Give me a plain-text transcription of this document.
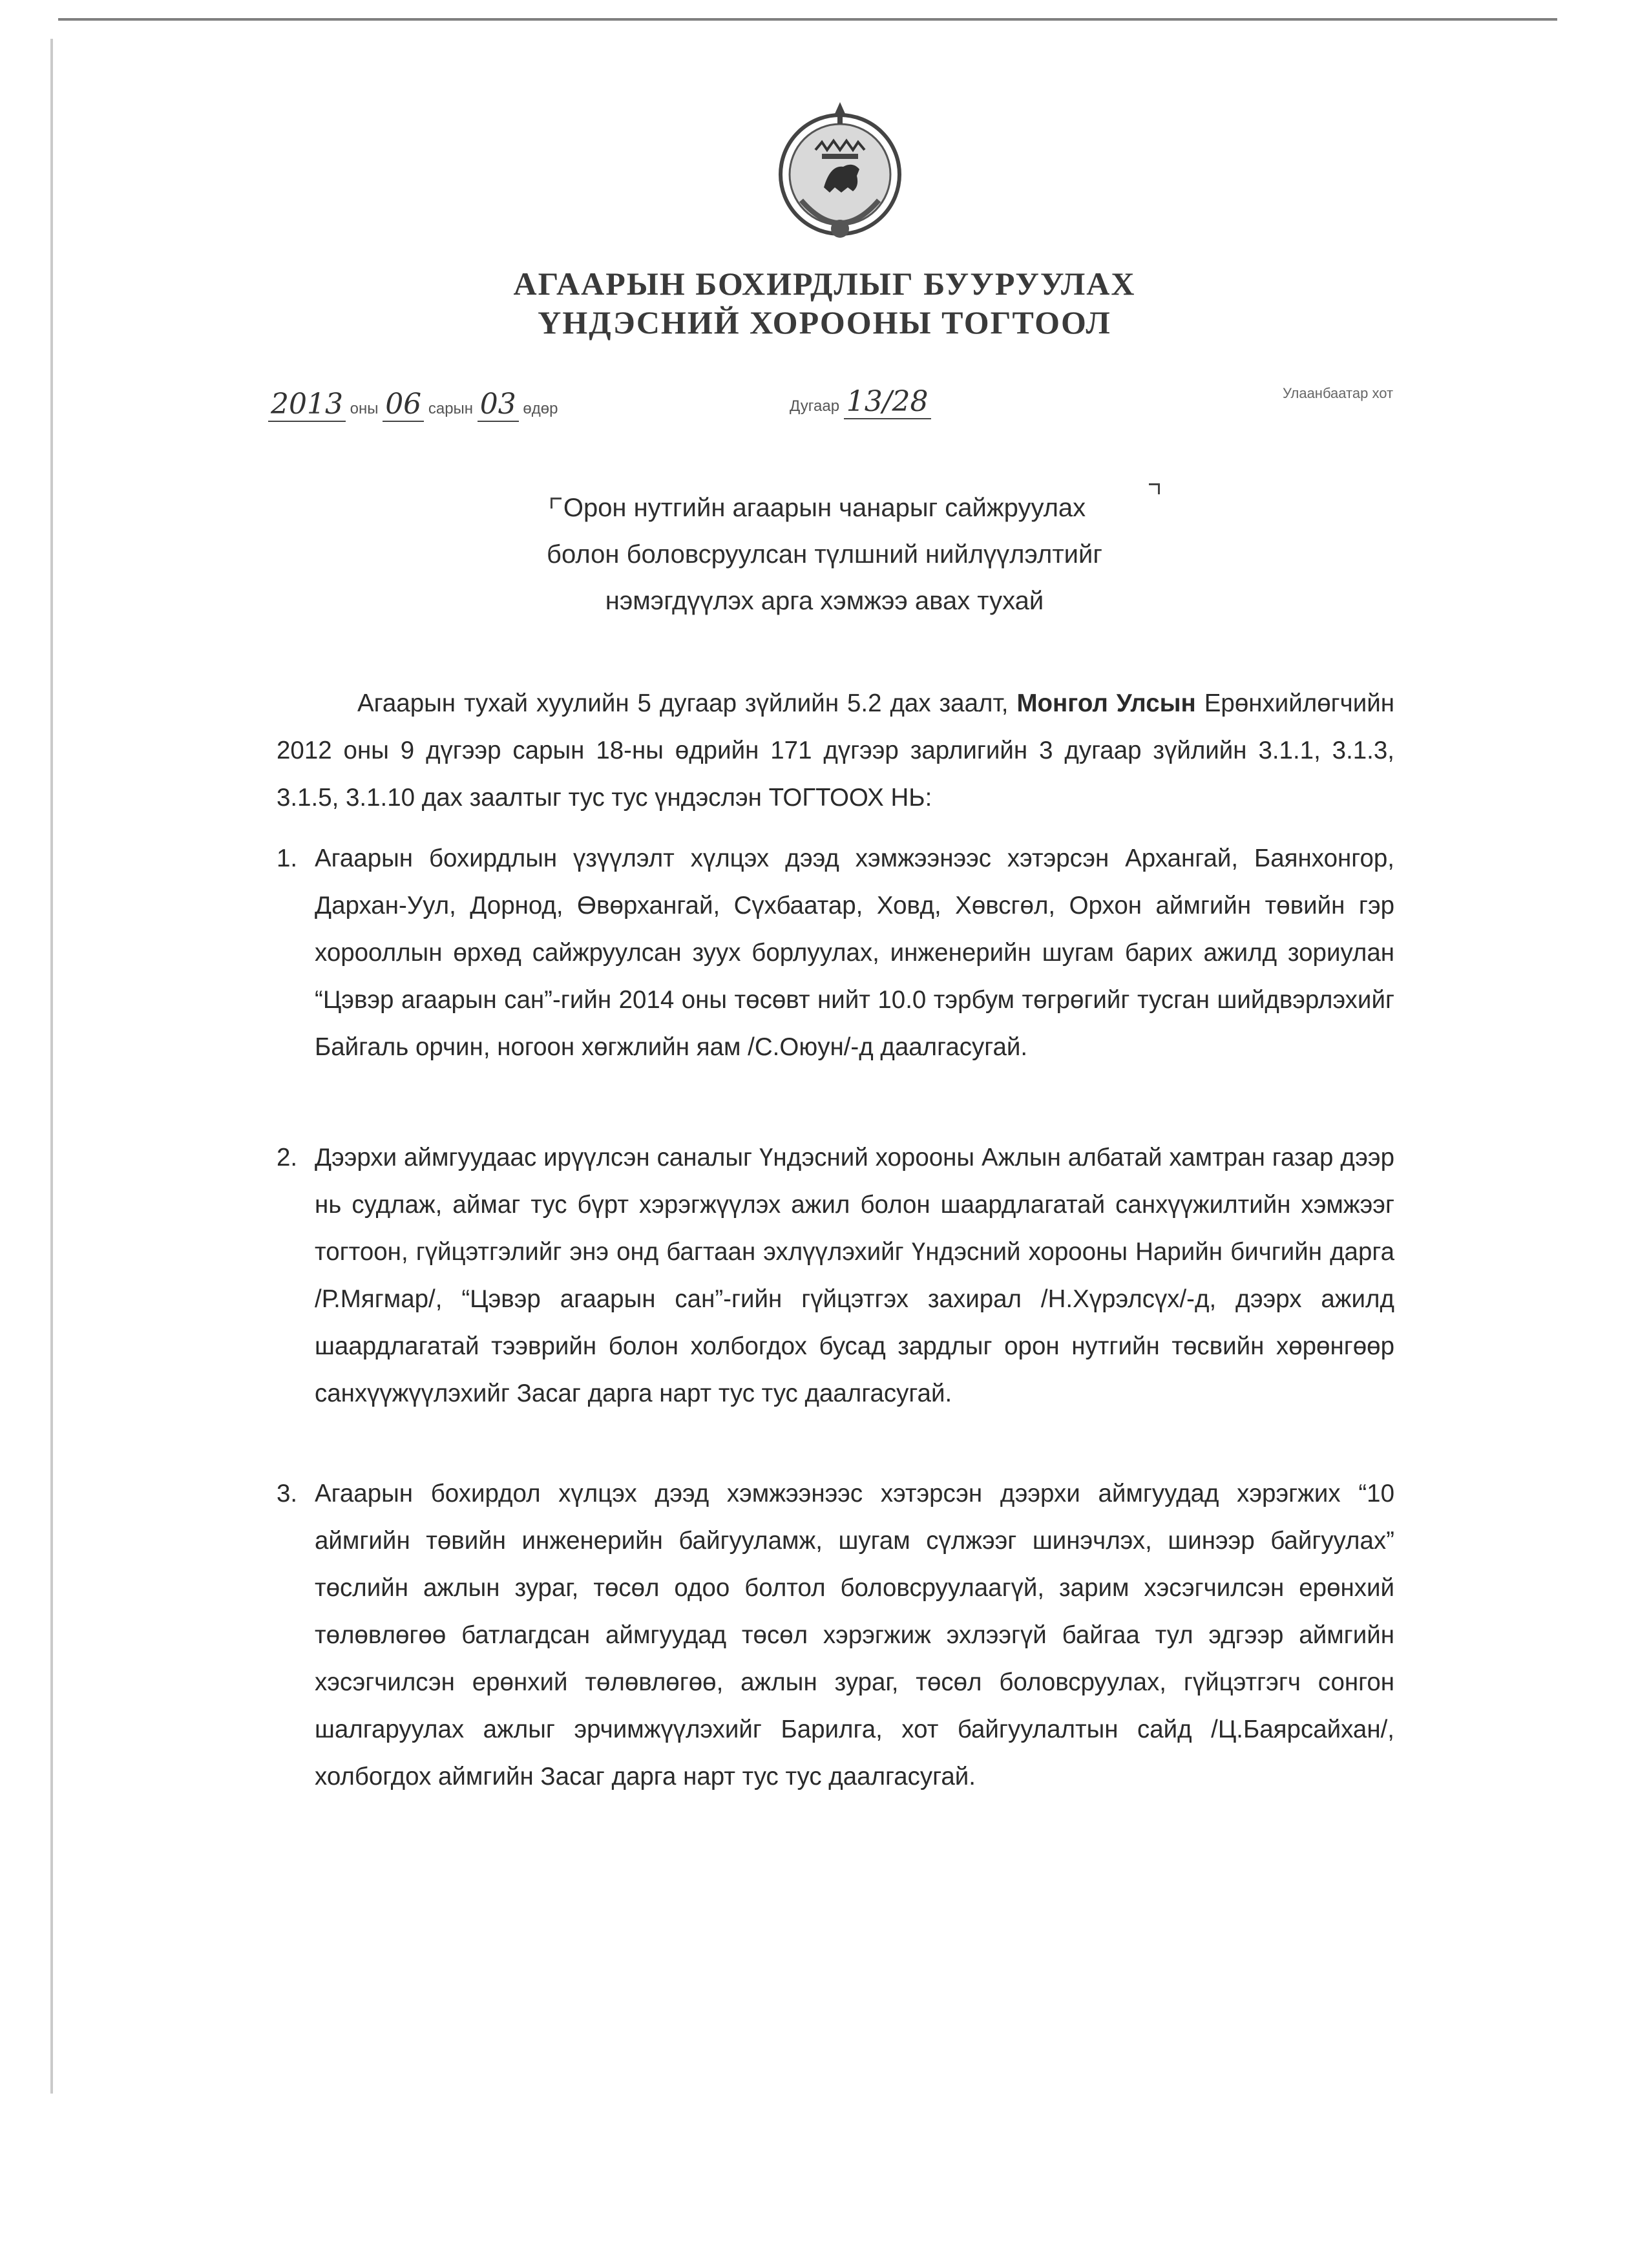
АГААРЫН БОХИРДЛЫГ БУУРУУЛАХ
ҮНДЭСНИЙ ХОРООНЫ ТОГТООЛ
2013 оны 06 сарын 03 өдөр	Дугаар 13/28	Улаанбаатар хот
Орон нутгийн агаарын чанарыг сайжруулах
болон боловсруулсан түлшний нийлүүлэлтийг
нэмэгдүүлэх арга хэмжээ авах тухай
Агаарын тухай хуулийн 5 дугаар зүйлийн 5.2 дах заалт, Монгол Улсын Ерөнхийлөгчийн 2012 оны 9 дүгээр сарын 18-ны өдрийн 171 дүгээр зарлигийн 3 дугаар зүйлийн 3.1.1, 3.1.3, 3.1.5, 3.1.10 дах заалтыг тус тус үндэслэн ТОГТООХ НЬ:
1. Агаарын бохирдлын үзүүлэлт хүлцэх дээд хэмжээнээс хэтэрсэн Архангай, Баянхонгор, Дархан-Уул, Дорнод, Өвөрхангай, Сүхбаатар, Ховд, Хөвсгөл, Орхон аймгийн төвийн гэр хорооллын өрхөд сайжруулсан зуух борлуулах, инженерийн шугам барих ажилд зориулан “Цэвэр агаарын сан”-гийн 2014 оны төсөвт нийт 10.0 тэрбум төгрөгийг тусган шийдвэрлэхийг Байгаль орчин, ногоон хөгжлийн яам /С.Оюун/-д даалгасугай.
2. Дээрхи аймгуудаас ирүүлсэн саналыг Үндэсний хорооны Ажлын албатай хамтран газар дээр нь судлаж, аймаг тус бүрт хэрэгжүүлэх ажил болон шаардлагатай санхүүжилтийн хэмжээг тогтоон, гүйцэтгэлийг энэ онд багтаан эхлүүлэхийг Үндэсний хорооны Нарийн бичгийн дарга /Р.Мягмар/, “Цэвэр агаарын сан”-гийн гүйцэтгэх захирал /Н.Хүрэлсүх/-д, дээрх ажилд шаардлагатай тээврийн болон холбогдох бусад зардлыг орон нутгийн төсвийн хөрөнгөөр санхүүжүүлэхийг Засаг дарга нарт тус тус даалгасугай.
3. Агаарын бохирдол хүлцэх дээд хэмжээнээс хэтэрсэн дээрхи аймгуудад хэрэгжих “10 аймгийн төвийн инженерийн байгууламж, шугам сүлжээг шинэчлэх, шинээр байгуулах” төслийн ажлын зураг, төсөл одоо болтол боловсруулаагүй, зарим хэсэгчилсэн ерөнхий төлөвлөгөө батлагдсан аймгуудад төсөл хэрэгжиж эхлээгүй байгаа тул эдгээр аймгийн хэсэгчилсэн ерөнхий төлөвлөгөө, ажлын зураг, төсөл боловсруулах, гүйцэтгэгч сонгон шалгаруулах ажлыг эрчимжүүлэхийг Барилга, хот байгуулалтын сайд /Ц.Баярсайхан/, холбогдох аймгийн Засаг дарга нарт тус тус даалгасугай.
